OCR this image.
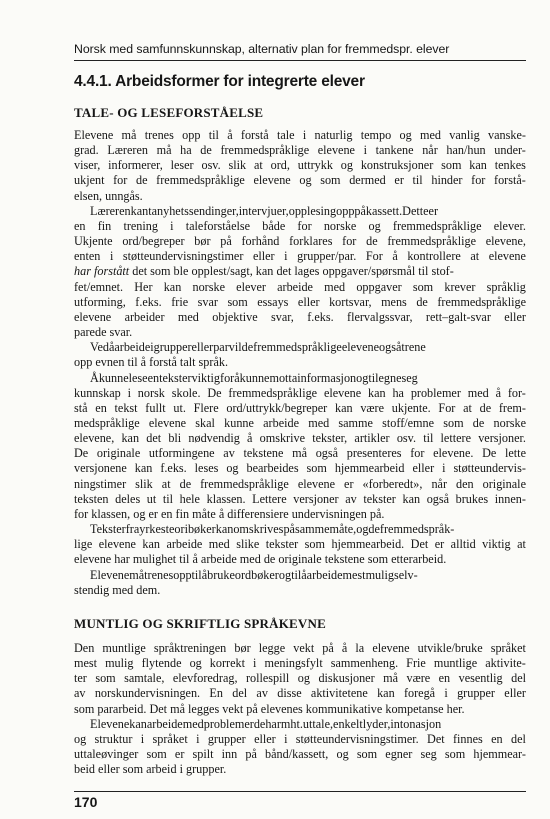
Norsk med samfunnskunnskap, alternativ plan for fremmedspr. elever
4.4.1. Arbeidsformer for integrerte elever
TALE- OG LESEFORSTÅELSE
Elevene må trenes opp til å forstå tale i naturlig tempo og med vanlig vanske-
grad. Læreren må ha de fremmedspråklige elevene i tankene når han/hun under-
viser, informerer, leser osv. slik at ord, uttrykk og konstruksjoner som kan tenkes
ukjent for de fremmedspråklige elevene og som dermed er til hinder for forstå-
elsen, unngås.
Lærerenkantanyhetssendinger,intervjuer,opplesingopppåkassett.Detteer
en fin trening i taleforståelse både for norske og fremmedspråklige elever.
Ukjente ord/begreper bør på forhånd forklares for de fremmedspråklige elevene,
enten i støtteundervisningstimer eller i grupper/par. For å kontrollere at elevene
har forstått det som ble opplest/sagt, kan det lages oppgaver/spørsmål til stof-
fet/emnet. Her kan norske elever arbeide med oppgaver som krever språklig
utforming, f.eks. frie svar som essays eller kortsvar, mens de fremmedspråklige
elevene arbeider med objektive svar, f.eks. flervalgssvar, rett–galt-svar eller
parede svar.
Vedåarbeideigrupperellerparvildefremmedspråkligeeleveneogsåtrene
opp evnen til å forstå talt språk.
Åkunneleseenteksterviktigforåkunnemottainformasjonogtilegneseg
kunnskap i norsk skole. De fremmedspråklige elevene kan ha problemer med å for-
stå en tekst fullt ut. Flere ord/uttrykk/begreper kan være ukjente. For at de frem-
medspråklige elevene skal kunne arbeide med samme stoff/emne som de norske
elevene, kan det bli nødvendig å omskrive tekster, artikler osv. til lettere versjoner.
De originale utformingene av tekstene må også presenteres for elevene. De lette
versjonene kan f.eks. leses og bearbeides som hjemmearbeid eller i støtteundervis-
ningstimer slik at de fremmedspråklige elevene er «forberedt», når den originale
teksten deles ut til hele klassen. Lettere versjoner av tekster kan også brukes innen-
for klassen, og er en fin måte å differensiere undervisningen på.
Teksterfrayrkesteoribøkerkanomskrivespåsammemåte,ogdefremmedspråk-
lige elevene kan arbeide med slike tekster som hjemmearbeid. Det er alltid viktig at
elevene har mulighet til å arbeide med de originale tekstene som etterarbeid.
Elevenemåtrenesopptilåbrukeordbøkerogtilåarbeidemestmuligselv-
stendig med dem.
MUNTLIG OG SKRIFTLIG SPRÅKEVNE
Den muntlige språktreningen bør legge vekt på å la elevene utvikle/bruke språket
mest mulig flytende og korrekt i meningsfylt sammenheng. Frie muntlige aktivite-
ter som samtale, elevforedrag, rollespill og diskusjoner må være en vesentlig del
av norskundervisningen. En del av disse aktivitetene kan foregå i grupper eller
som pararbeid. Det må legges vekt på elevenes kommunikative kompetanse her.
Elevenekanarbeidemedproblemerdeharmht.uttale,enkeltlyder,intonasjon
og struktur i språket i grupper eller i støtteundervisningstimer. Det finnes en del
uttaleøvinger som er spilt inn på bånd/kassett, og som egner seg som hjemmear-
beid eller som arbeid i grupper.
170
